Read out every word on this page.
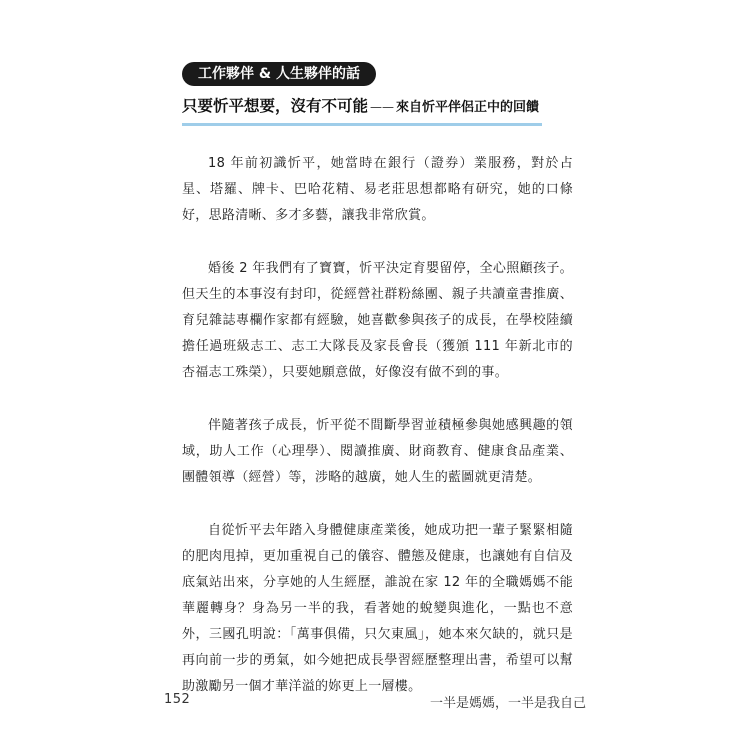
工作夥伴 & 人生夥伴的話
只要忻平想要，沒有不可能 —— 來自忻平伴侶正中的回饋

18 年前初識忻平，她當時在銀行（證券）業服務，對於占星、塔羅、牌卡、巴哈花精、易老莊思想都略有研究，她的口條好，思路清晰、多才多藝，讓我非常欣賞。

婚後 2 年我們有了寶寶，忻平決定育嬰留停，全心照顧孩子。但天生的本事沒有封印，從經營社群粉絲團、親子共讀童書推廣、育兒雜誌專欄作家都有經驗，她喜歡參與孩子的成長，在學校陸續擔任過班級志工、志工大隊長及家長會長（獲頒 111 年新北市的杏福志工殊榮），只要她願意做，好像沒有做不到的事。

伴隨著孩子成長，忻平從不間斷學習並積極參與她感興趣的領域，助人工作（心理學）、閱讀推廣、財商教育、健康食品產業、團體領導（經營）等，涉略的越廣，她人生的藍圖就更清楚。

自從忻平去年踏入身體健康產業後，她成功把一輩子緊緊相隨的肥肉甩掉，更加重視自己的儀容、體態及健康，也讓她有自信及底氣站出來，分享她的人生經歷，誰說在家 12 年的全職媽媽不能華麗轉身？身為另一半的我，看著她的蛻變與進化，一點也不意外，三國孔明說：「萬事俱備，只欠東風」，她本來欠缺的，就只是再向前一步的勇氣，如今她把成長學習經歷整理出書，希望可以幫助激勵另一個才華洋溢的妳更上一層樓。

152	一半是媽媽，一半是我自己
